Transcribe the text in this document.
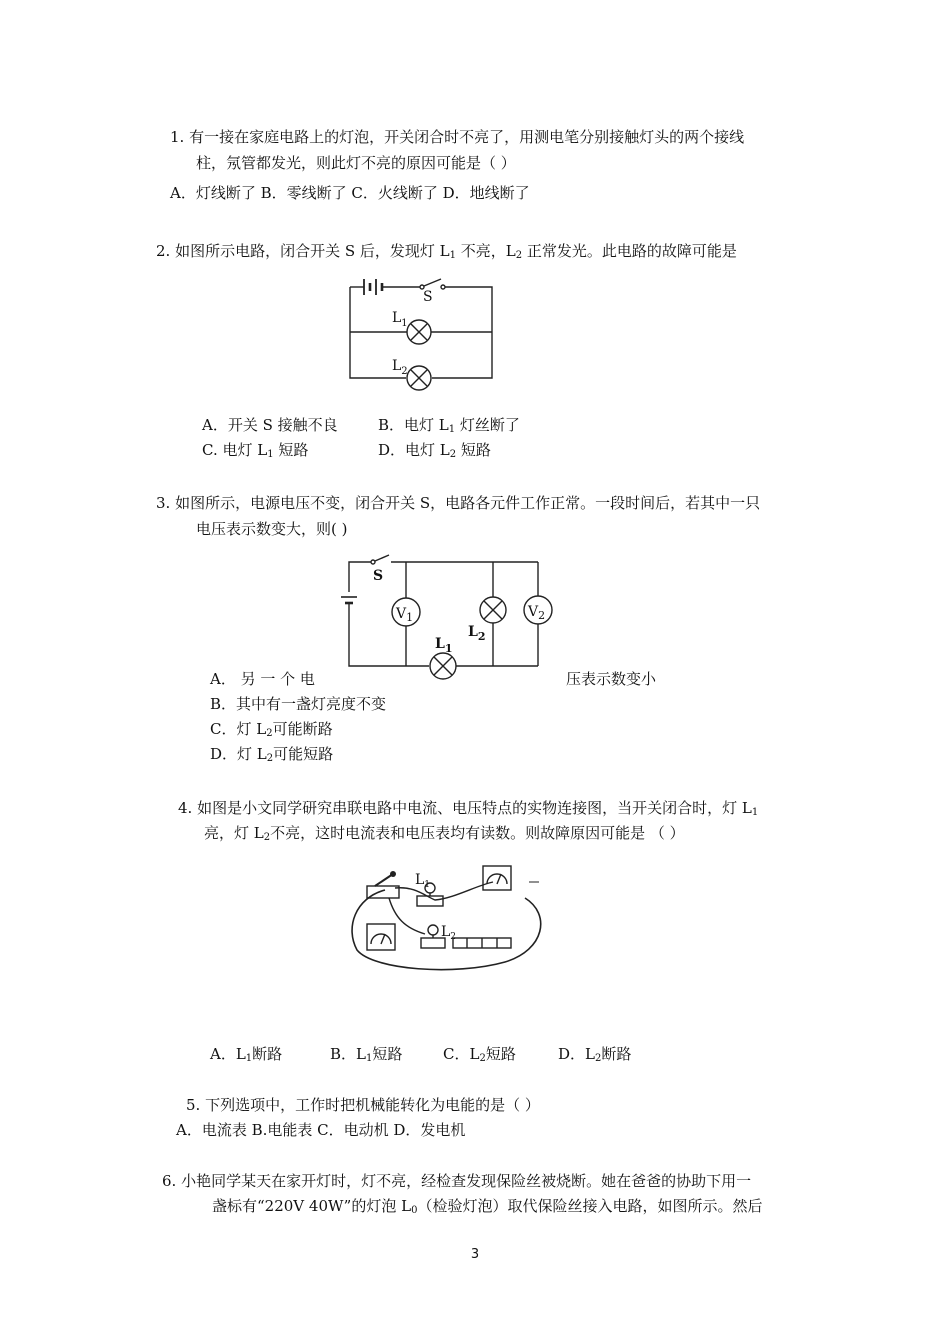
1. 有一接在家庭电路上的灯泡，开关闭合时不亮了，用测电笔分别接触灯头的两个接线
柱，氖管都发光，则此灯不亮的原因可能是（ ）
A．灯线断了 B．零线断了 C．火线断了 D．地线断了
2. 如图所示电路，闭合开关 S 后，发现灯 $L_1$ 不亮，$L_2$ 正常发光。此电路的故障可能是
S
$L_1$
$L_2$
A．开关 S 接触不良	B．电灯 $L_1$ 灯丝断了
C. 电灯 $L_1$ 短路	D．电灯 $L_2$ 短路
3. 如图所示，电源电压不变，闭合开关 S，电路各元件工作正常。一段时间后，若其中一只
电压表示数变大，则( )
S
$L_1$
$V_1$
$L_2$
$V_2$
A． 另 一 个 电	压表示数变小
B．其中有一盏灯亮度不变
C．灯 $L_2$可能断路
D．灯 $L_2$可能短路
4. 如图是小文同学研究串联电路中电流、电压特点的实物连接图，当开关闭合时，灯 $L_1$
亮，灯 $L_2$不亮，这时电流表和电压表均有读数。则故障原因可能是 （ ）
$L_1$
$L_2$
A．$L_1$断路	B．$L_1$短路	C．$L_2$短路	D．$L_2$断路
5. 下列选项中，工作时把机械能转化为电能的是（ ）
A．电流表 B.电能表 C．电动机 D．发电机
6. 小艳同学某天在家开灯时，灯不亮，经检查发现保险丝被烧断。她在爸爸的协助下用一
盏标有“220V 40W”的灯泡 $L_0$（检验灯泡）取代保险丝接入电路，如图所示。然后
3
